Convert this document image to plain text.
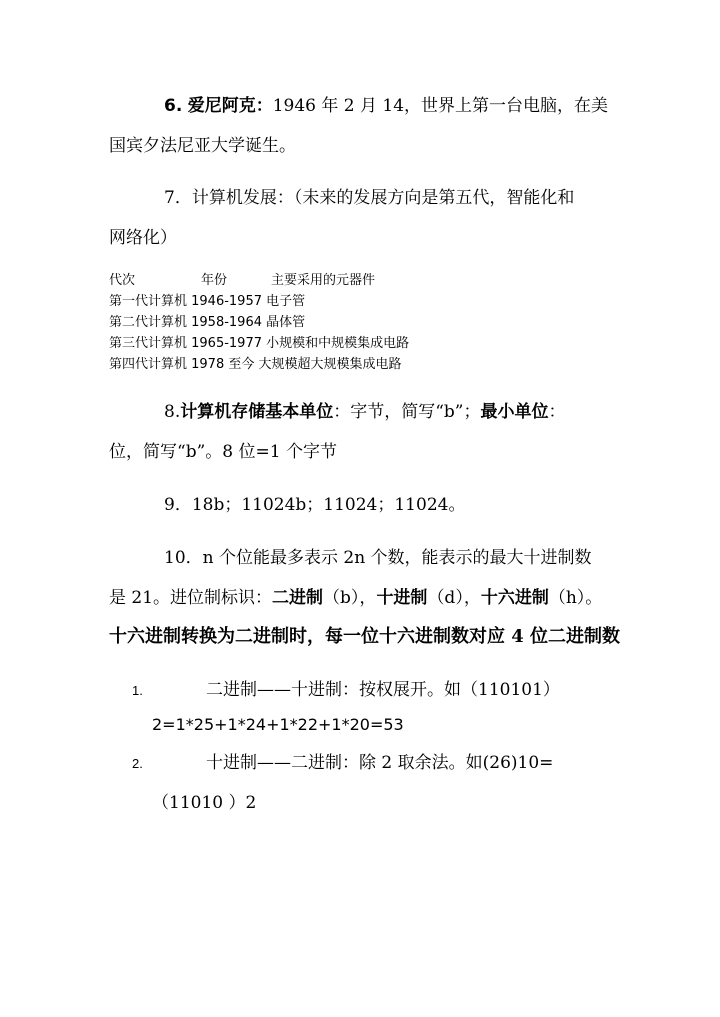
6. 爱尼阿克：1946 年 2 月 14，世界上第一台电脑，在美
国宾夕法尼亚大学诞生。
7．计算机发展：（未来的发展方向是第五代，智能化和
网络化）
代次	年份	主要采用的元器件
第一代计算机 1946-1957 电子管
第二代计算机 1958-1964 晶体管
第三代计算机 1965-1977 小规模和中规模集成电路
第四代计算机 1978 至今 大规模超大规模集成电路
8.计算机存储基本单位：字节，简写“b”；最小单位：
位，简写“b”。8 位=1 个字节
9．18b；11024b；11024；11024。
10．n 个位能最多表示 2n 个数，能表示的最大十进制数
是 21。进位制标识：二进制（b），十进制（d），十六进制（h）。
十六进制转换为二进制时，每一位十六进制数对应 4 位二进制数
1.	二进制——十进制：按权展开。如（110101）
2=1*25+1*24+1*22+1*20=53
2.	十进制——二进制：除 2 取余法。如(26)10=
（11010 ）2
